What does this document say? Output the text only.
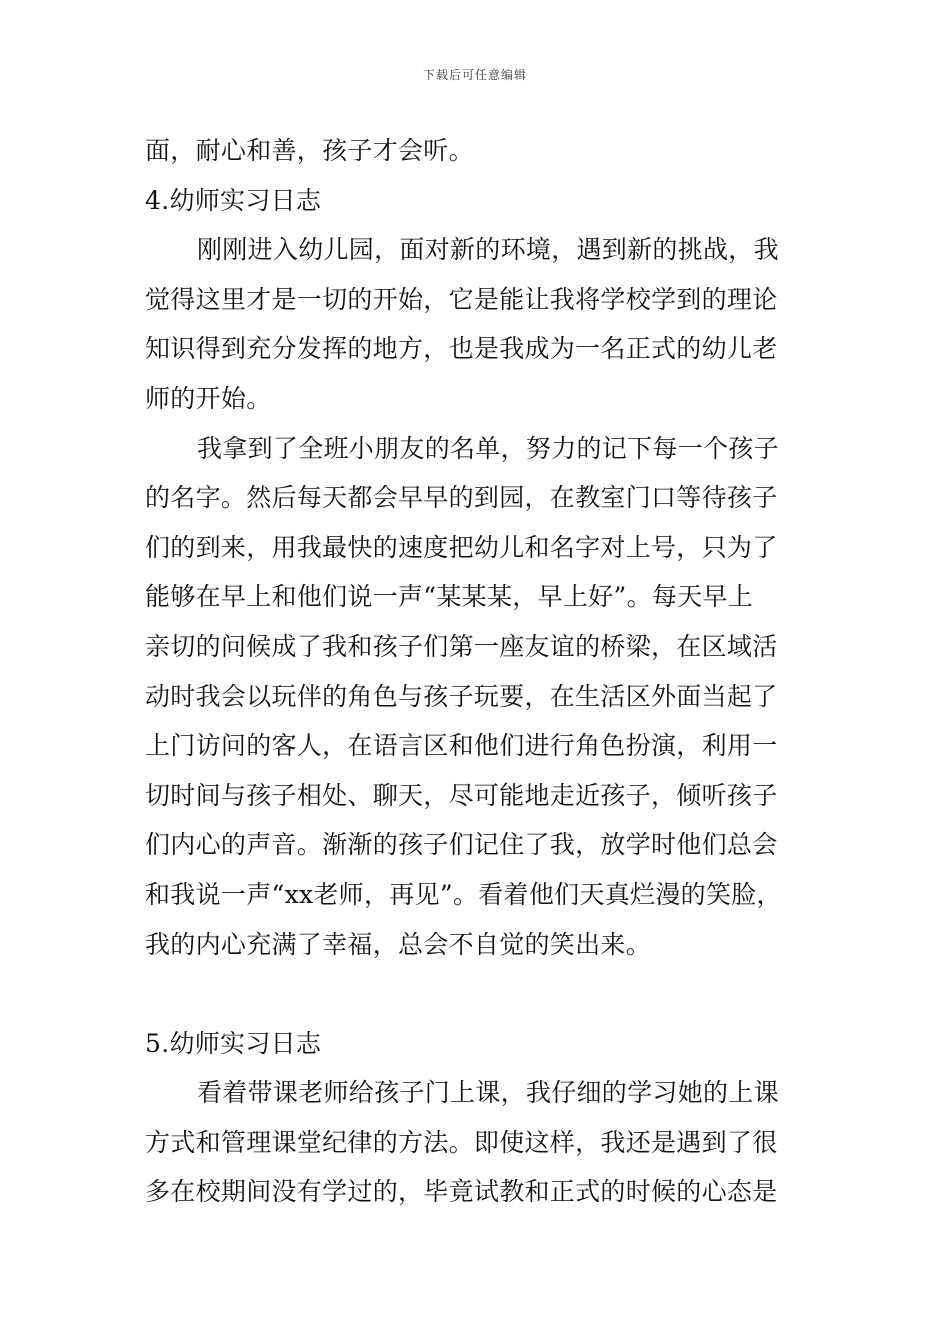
下载后可任意编辑
面，耐心和善，孩子才会听。
4.幼师实习日志
刚刚进入幼儿园，面对新的环境，遇到新的挑战，我
觉得这里才是一切的开始，它是能让我将学校学到的理论
知识得到充分发挥的地方，也是我成为一名正式的幼儿老
师的开始。
我拿到了全班小朋友的名单，努力的记下每一个孩子
的名字。然后每天都会早早的到园，在教室门口等待孩子
们的到来，用我最快的速度把幼儿和名字对上号，只为了
能够在早上和他们说一声“某某某，早上好”。每天早上
亲切的问候成了我和孩子们第一座友谊的桥梁，在区域活
动时我会以玩伴的角色与孩子玩要，在生活区外面当起了
上门访问的客人，在语言区和他们进行角色扮演，利用一
切时间与孩子相处、聊天，尽可能地走近孩子，倾听孩子
们内心的声音。渐渐的孩子们记住了我，放学时他们总会
和我说一声“xx老师，再见”。看着他们天真烂漫的笑脸，
我的内心充满了幸福，总会不自觉的笑出来。
5.幼师实习日志
看着带课老师给孩子门上课，我仔细的学习她的上课
方式和管理课堂纪律的方法。即使这样，我还是遇到了很
多在校期间没有学过的，毕竟试教和正式的时候的心态是
